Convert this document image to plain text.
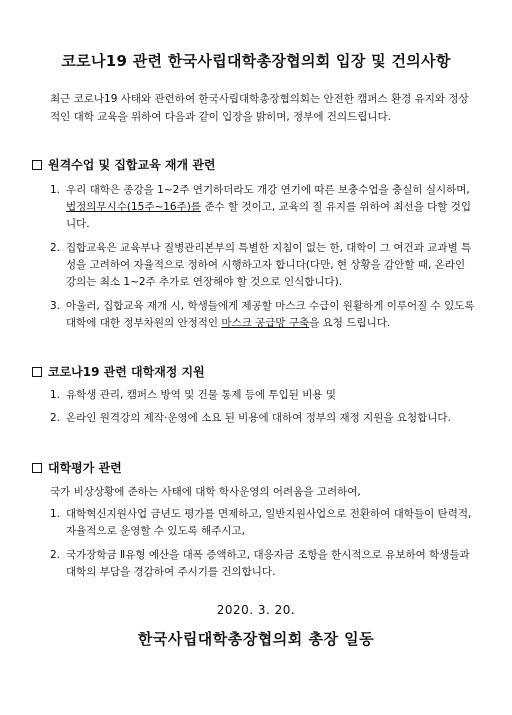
코로나19 관련 한국사립대학총장협의회 입장 및 건의사항
최근 코로나19 사태와 관련하여 한국사립대학총장협의회는 안전한 캠퍼스 환경 유지와 정상적인 대학 교육을 위하여 다음과 같이 입장을 밝히며, 정부에 건의드립니다.
원격수업 및 집합교육 재개 관련
1. 우리 대학은 종강을 1~2주 연기하더라도 개강 연기에 따른 보충수업을 충실히 실시하며, 법정의무시수(15주~16주)를 준수 할 것이고, 교육의 질 유지를 위하여 최선을 다할 것입니다.
2. 집합교육은 교육부나 질병관리본부의 특별한 지침이 없는 한, 대학이 그 여건과 교과별 특성을 고려하여 자율적으로 정하여 시행하고자 합니다(다만, 현 상황을 감안할 때, 온라인 강의는 최소 1~2주 추가로 연장해야 할 것으로 인식합니다).
3. 아울러, 집합교육 재개 시, 학생들에게 제공할 마스크 수급이 원활하게 이루어질 수 있도록 대학에 대한 정부차원의 안정적인 마스크 공급망 구축을 요청 드립니다.
코로나19 관련 대학재정 지원
1. 유학생 관리, 캠퍼스 방역 및 건물 통제 등에 투입된 비용 및
2. 온라인 원격강의 제작·운영에 소요 된 비용에 대하여 정부의 재정 지원을 요청합니다.
대학평가 관련
국가 비상상황에 준하는 사태에 대학 학사운영의 어려움을 고려하여,
1. 대학혁신지원사업 금년도 평가를 면제하고, 일반지원사업으로 전환하여 대학들이 탄력적, 자율적으로 운영할 수 있도록 해주시고,
2. 국가장학금 Ⅱ유형 예산을 대폭 증액하고, 대응자금 조항을 한시적으로 유보하여 학생들과 대학의 부담을 경감하여 주시기를 건의합니다.
2020. 3. 20.
한국사립대학총장협의회 총장 일동
